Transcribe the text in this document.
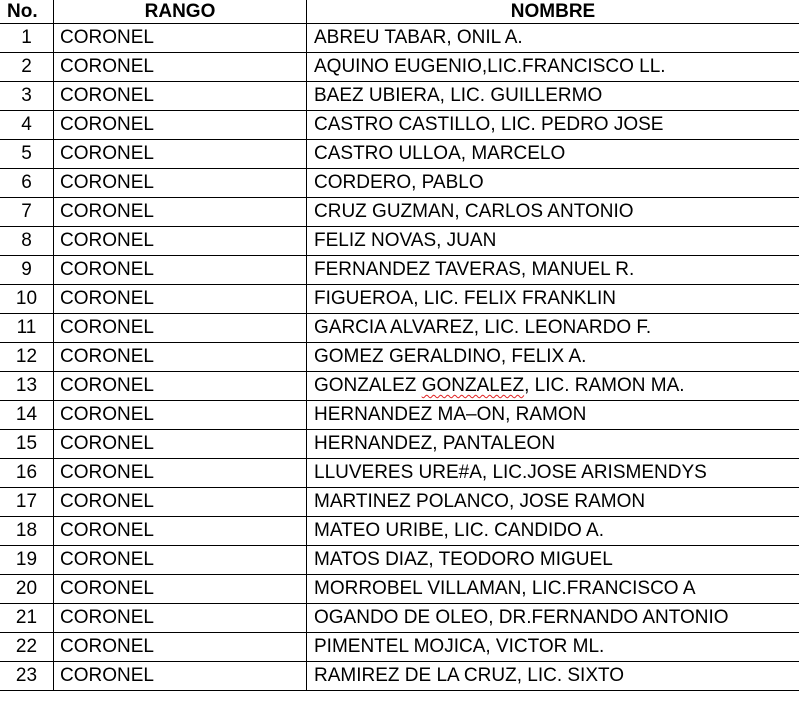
No.	RANGO	NOMBRE
1	CORONEL	ABREU TABAR, ONIL A.
2	CORONEL	AQUINO EUGENIO,LIC.FRANCISCO LL.
3	CORONEL	BAEZ UBIERA, LIC. GUILLERMO
4	CORONEL	CASTRO CASTILLO, LIC. PEDRO JOSE
5	CORONEL	CASTRO ULLOA, MARCELO
6	CORONEL	CORDERO, PABLO
7	CORONEL	CRUZ GUZMAN, CARLOS ANTONIO
8	CORONEL	FELIZ NOVAS, JUAN
9	CORONEL	FERNANDEZ TAVERAS, MANUEL R.
10	CORONEL	FIGUEROA, LIC. FELIX FRANKLIN
11	CORONEL	GARCIA ALVAREZ, LIC. LEONARDO F.
12	CORONEL	GOMEZ GERALDINO, FELIX A.
13	CORONEL	GONZALEZ GONZALEZ, LIC. RAMON MA.
14	CORONEL	HERNANDEZ MA–ON, RAMON
15	CORONEL	HERNANDEZ, PANTALEON
16	CORONEL	LLUVERES URE#A, LIC.JOSE ARISMENDYS
17	CORONEL	MARTINEZ POLANCO, JOSE RAMON
18	CORONEL	MATEO URIBE, LIC. CANDIDO A.
19	CORONEL	MATOS DIAZ, TEODORO MIGUEL
20	CORONEL	MORROBEL VILLAMAN, LIC.FRANCISCO A
21	CORONEL	OGANDO DE OLEO, DR.FERNANDO ANTONIO
22	CORONEL	PIMENTEL MOJICA, VICTOR ML.
23	CORONEL	RAMIREZ DE LA CRUZ, LIC. SIXTO
